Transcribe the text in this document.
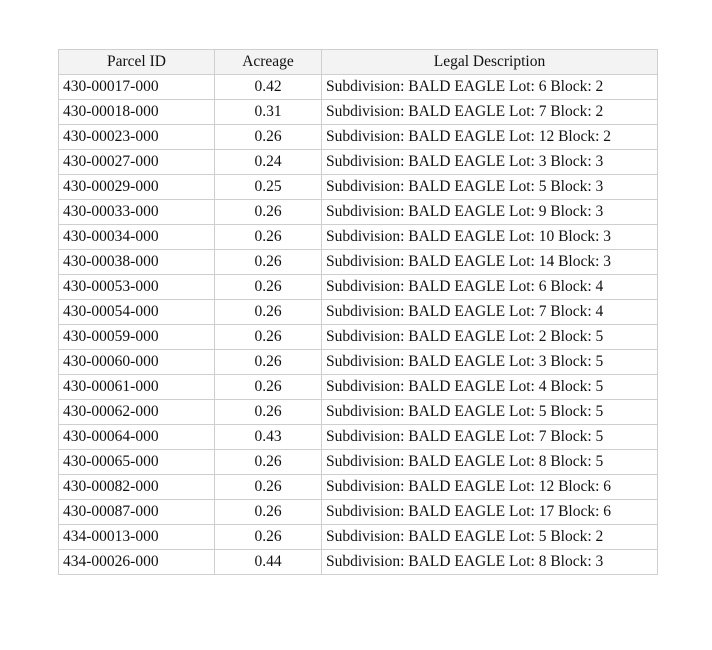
Parcel ID	Acreage	Legal Description
430-00017-000	0.42	Subdivision: BALD EAGLE Lot: 6 Block: 2
430-00018-000	0.31	Subdivision: BALD EAGLE Lot: 7 Block: 2
430-00023-000	0.26	Subdivision: BALD EAGLE Lot: 12 Block: 2
430-00027-000	0.24	Subdivision: BALD EAGLE Lot: 3 Block: 3
430-00029-000	0.25	Subdivision: BALD EAGLE Lot: 5 Block: 3
430-00033-000	0.26	Subdivision: BALD EAGLE Lot: 9 Block: 3
430-00034-000	0.26	Subdivision: BALD EAGLE Lot: 10 Block: 3
430-00038-000	0.26	Subdivision: BALD EAGLE Lot: 14 Block: 3
430-00053-000	0.26	Subdivision: BALD EAGLE Lot: 6 Block: 4
430-00054-000	0.26	Subdivision: BALD EAGLE Lot: 7 Block: 4
430-00059-000	0.26	Subdivision: BALD EAGLE Lot: 2 Block: 5
430-00060-000	0.26	Subdivision: BALD EAGLE Lot: 3 Block: 5
430-00061-000	0.26	Subdivision: BALD EAGLE Lot: 4 Block: 5
430-00062-000	0.26	Subdivision: BALD EAGLE Lot: 5 Block: 5
430-00064-000	0.43	Subdivision: BALD EAGLE Lot: 7 Block: 5
430-00065-000	0.26	Subdivision: BALD EAGLE Lot: 8 Block: 5
430-00082-000	0.26	Subdivision: BALD EAGLE Lot: 12 Block: 6
430-00087-000	0.26	Subdivision: BALD EAGLE Lot: 17 Block: 6
434-00013-000	0.26	Subdivision: BALD EAGLE Lot: 5 Block: 2
434-00026-000	0.44	Subdivision: BALD EAGLE Lot: 8 Block: 3
